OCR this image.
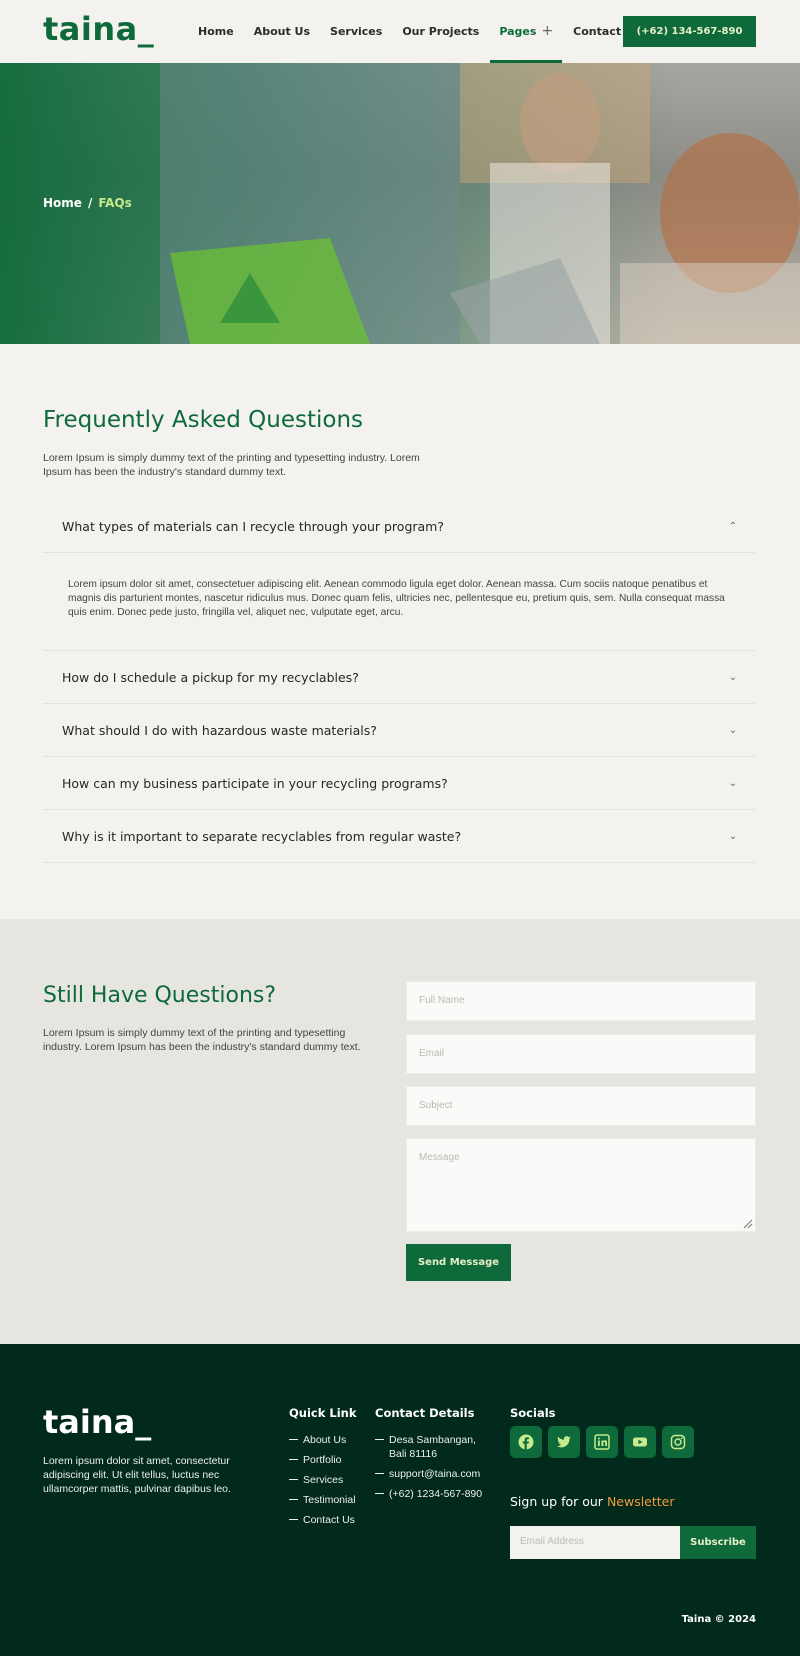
taina_	Home About Us Services Our Projects Pages + Contact	(+62) 134-567-890
Home / FAQs
Frequently Asked Questions

Lorem Ipsum is simply dummy text of the printing and typesetting industry. Lorem Ipsum has been the industry's standard dummy text.

What types of materials can I recycle through your program?	⌃
Lorem ipsum dolor sit amet, consectetuer adipiscing elit. Aenean commodo ligula eget dolor. Aenean massa. Cum sociis natoque penatibus et magnis dis parturient montes, nascetur ridiculus mus. Donec quam felis, ultricies nec, pellentesque eu, pretium quis, sem. Nulla consequat massa quis enim. Donec pede justo, fringilla vel, aliquet nec, vulputate eget, arcu.
How do I schedule a pickup for my recyclables?	⌄
What should I do with hazardous waste materials?	⌄
How can my business participate in your recycling programs?	⌄
Why is it important to separate recyclables from regular waste?	⌄
Still Have Questions?

Lorem Ipsum is simply dummy text of the printing and typesetting industry. Lorem Ipsum has been the industry's standard dummy text.

Full Name
Email
Subject
Message
Send Message
taina_

Lorem ipsum dolor sit amet, consectetur adipiscing elit. Ut elit tellus, luctus nec ullamcorper mattis, pulvinar dapibus leo.

Quick Link
About Us
Portfolio
Services
Testimonial
Contact Us
Contact Details
Desa Sambangan, Bali 81116
support@taina.com
(+62) 1234-567-890
Socials
Sign up for our Newsletter
Email Address	Subscribe
Taina © 2024
